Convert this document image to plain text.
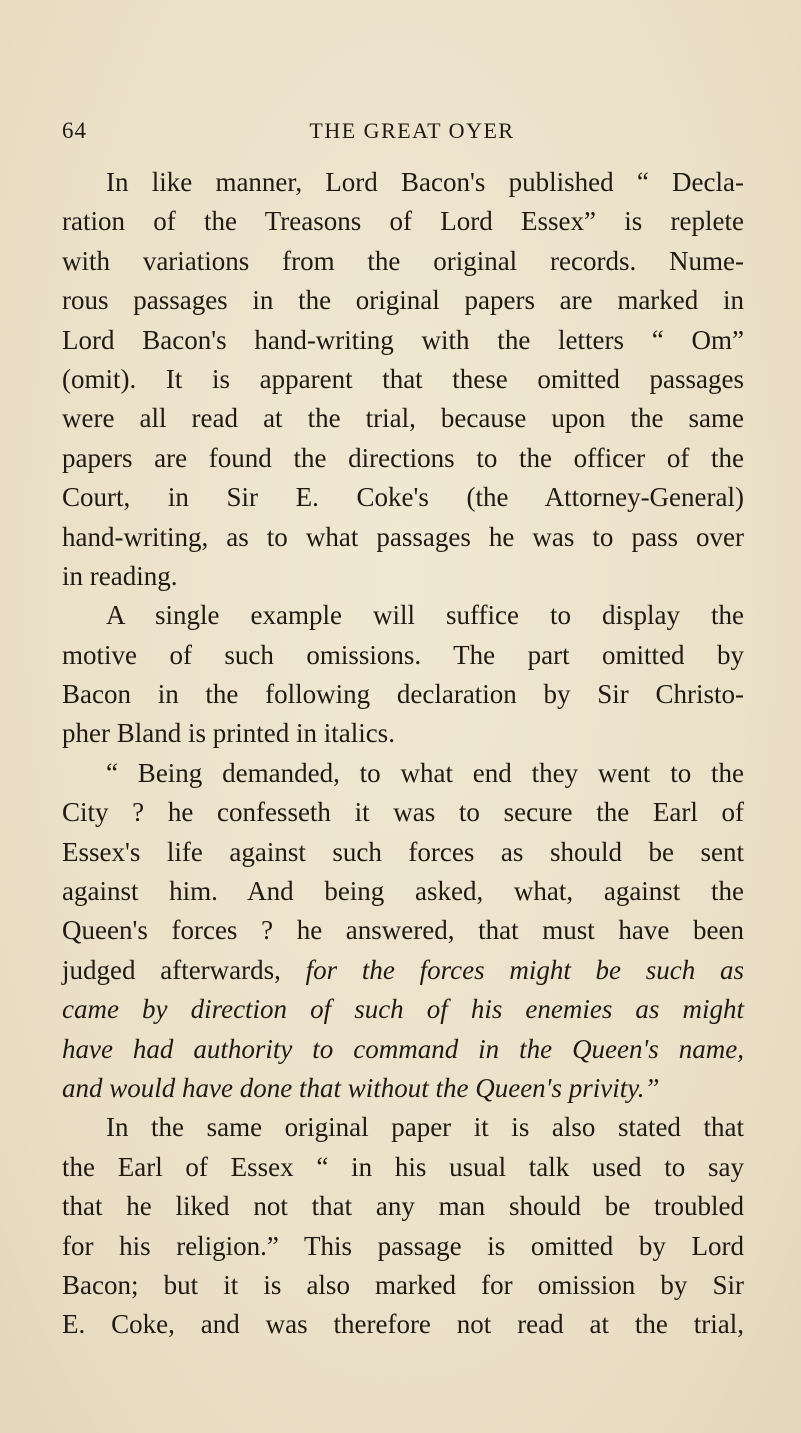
64	THE GREAT OYER
In like manner, Lord Bacon's published “ Decla-
ration of the Treasons of Lord Essex” is replete
with variations from the original records. Nume-
rous passages in the original papers are marked in
Lord Bacon's hand-writing with the letters “ Om”
(omit). It is apparent that these omitted passages
were all read at the trial, because upon the same
papers are found the directions to the officer of the
Court, in Sir E. Coke's (the Attorney-General)
hand-writing, as to what passages he was to pass over
in reading.
A single example will suffice to display the
motive of such omissions. The part omitted by
Bacon in the following declaration by Sir Christo-
pher Bland is printed in italics.
“ Being demanded, to what end they went to the
City ? he confesseth it was to secure the Earl of
Essex's life against such forces as should be sent
against him. And being asked, what, against the
Queen's forces ? he answered, that must have been
judged afterwards, for the forces might be such as
came by direction of such of his enemies as might
have had authority to command in the Queen's name,
and would have done that without the Queen's privity.”
In the same original paper it is also stated that
the Earl of Essex “ in his usual talk used to say
that he liked not that any man should be troubled
for his religion.” This passage is omitted by Lord
Bacon; but it is also marked for omission by Sir
E. Coke, and was therefore not read at the trial,
